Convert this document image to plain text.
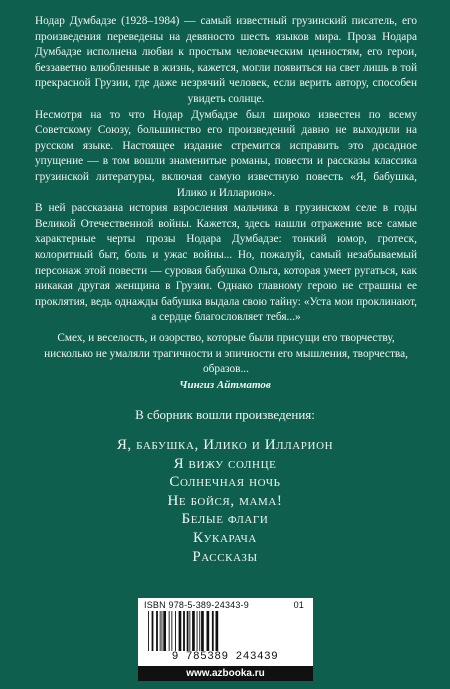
Нодар Думбадзе (1928–1984) — самый известный грузинский писатель, его произведения переведены на девяносто шесть языков мира. Проза Нодара Думбадзе исполнена любви к простым человеческим ценностям, его герои, беззаветно влюбленные в жизнь, кажется, могли появиться на свет лишь в той прекрасной Грузии, где даже незрячий человек, если верить автору, способен увидеть солнце.

Несмотря на то что Нодар Думбадзе был широко известен по всему Советскому Союзу, большинство его произведений давно не выходили на русском языке. Настоящее издание стремится исправить это досадное упущение — в том вошли знаменитые романы, повести и рассказы классика грузинской литературы, включая самую известную повесть «Я, бабушка, Илико и Илларион».

В ней рассказана история взросления мальчика в грузинском селе в годы Великой Отечественной войны. Кажется, здесь нашли отражение все самые характерные черты прозы Нодара Думбадзе: тонкий юмор, гротеск, колоритный быт, боль и ужас войны... Но, пожалуй, самый незабываемый персонаж этой повести — суровая бабушка Ольга, которая умеет ругаться, как никакая другая женщина в Грузии. Однако главному герою не страшны ее проклятия, ведь однажды бабушка выдала свою тайну: «Уста мои проклинают, а сердце благословляет тебя...»

Смех, и веселость, и озорство, которые были присущи его творчеству, нисколько не умаляли трагичности и эпичности его мышления, творчества, образов...

Чингиз Айтматов
В сборник вошли произведения:
Я, бабушка, Илико и Илларион
Я вижу солнце
Солнечная ночь
Не бойся, мама!
Белые флаги
Кукарача
Рассказы
ISBN 978-5-389-24343-9	01
9 785389 243439
www.azbooka.ru
